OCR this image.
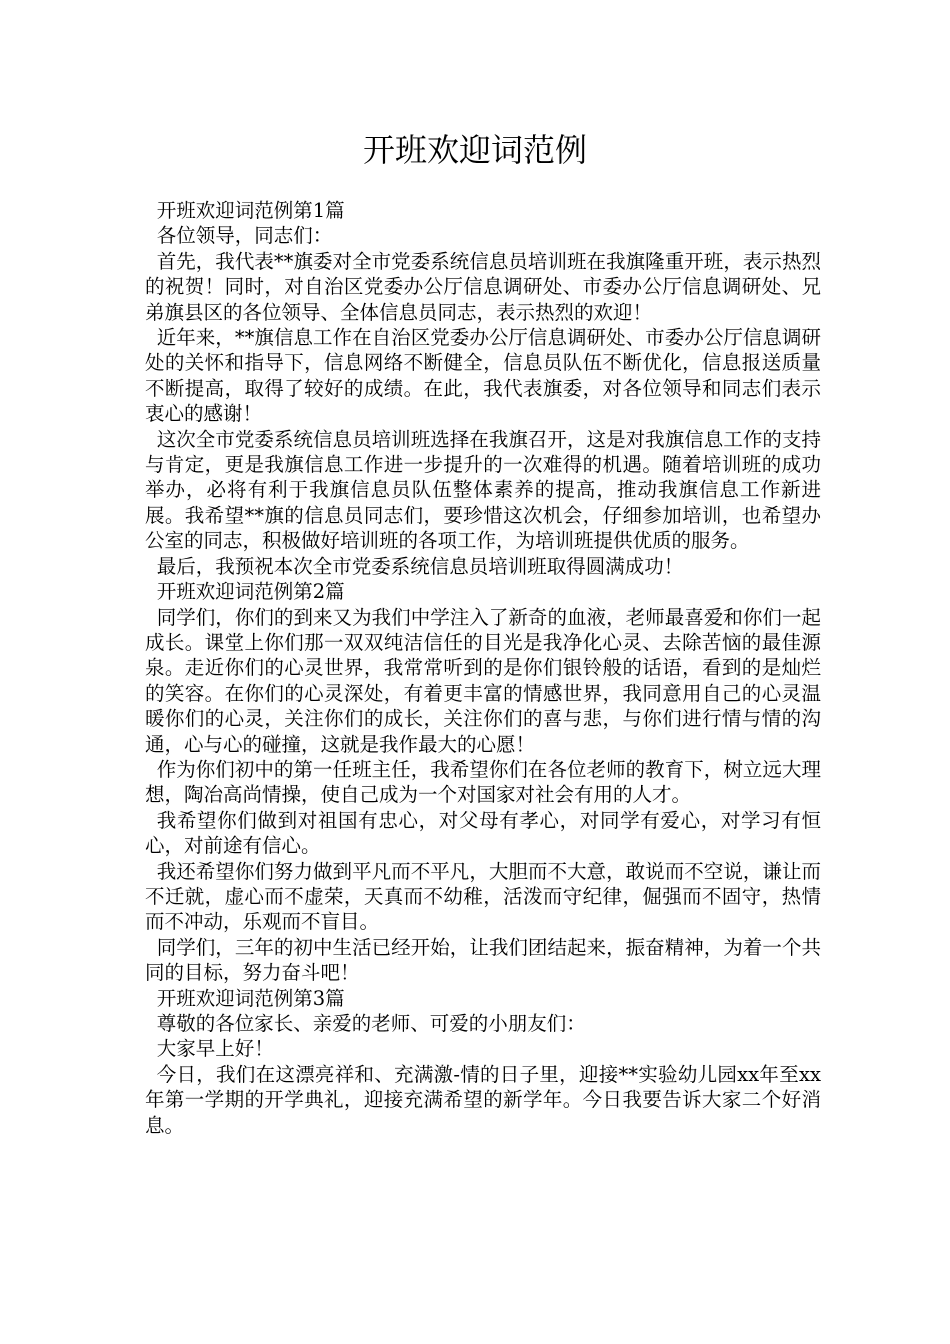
开班欢迎词范例

开班欢迎词范例第1篇

各位领导，同志们：

首先，我代表**旗委对全市党委系统信息员培训班在我旗隆重开班，表示热烈的祝贺！同时，对自治区党委办公厅信息调研处、市委办公厅信息调研处、兄弟旗县区的各位领导、全体信息员同志，表示热烈的欢迎！

近年来，**旗信息工作在自治区党委办公厅信息调研处、市委办公厅信息调研处的关怀和指导下，信息网络不断健全，信息员队伍不断优化，信息报送质量不断提高，取得了较好的成绩。在此，我代表旗委，对各位领导和同志们表示衷心的感谢！

这次全市党委系统信息员培训班选择在我旗召开，这是对我旗信息工作的支持与肯定，更是我旗信息工作进一步提升的一次难得的机遇。随着培训班的成功举办，必将有利于我旗信息员队伍整体素养的提高，推动我旗信息工作新进展。我希望**旗的信息员同志们，要珍惜这次机会，仔细参加培训，也希望办公室的同志，积极做好培训班的各项工作，为培训班提供优质的服务。

最后，我预祝本次全市党委系统信息员培训班取得圆满成功！

开班欢迎词范例第2篇

同学们，你们的到来又为我们中学注入了新奇的血液，老师最喜爱和你们一起成长。课堂上你们那一双双纯洁信任的目光是我净化心灵、去除苦恼的最佳源泉。走近你们的心灵世界，我常常听到的是你们银铃般的话语，看到的是灿烂的笑容。在你们的心灵深处，有着更丰富的情感世界，我同意用自己的心灵温暖你们的心灵，关注你们的成长，关注你们的喜与悲，与你们进行情与情的沟通，心与心的碰撞，这就是我作最大的心愿！

作为你们初中的第一任班主任，我希望你们在各位老师的教育下，树立远大理想，陶冶高尚情操，使自己成为一个对国家对社会有用的人才。

我希望你们做到对祖国有忠心，对父母有孝心，对同学有爱心，对学习有恒心，对前途有信心。

我还希望你们努力做到平凡而不平凡，大胆而不大意，敢说而不空说，谦让而不迁就，虚心而不虚荣，天真而不幼稚，活泼而守纪律，倔强而不固守，热情而不冲动，乐观而不盲目。

同学们，三年的初中生活已经开始，让我们团结起来，振奋精神，为着一个共同的目标，努力奋斗吧！

开班欢迎词范例第3篇

尊敬的各位家长、亲爱的老师、可爱的小朋友们：

大家早上好！

今日，我们在这漂亮祥和、充满激-情的日子里，迎接**实验幼儿园xx年至xx年第一学期的开学典礼，迎接充满希望的新学年。今日我要告诉大家二个好消息。
